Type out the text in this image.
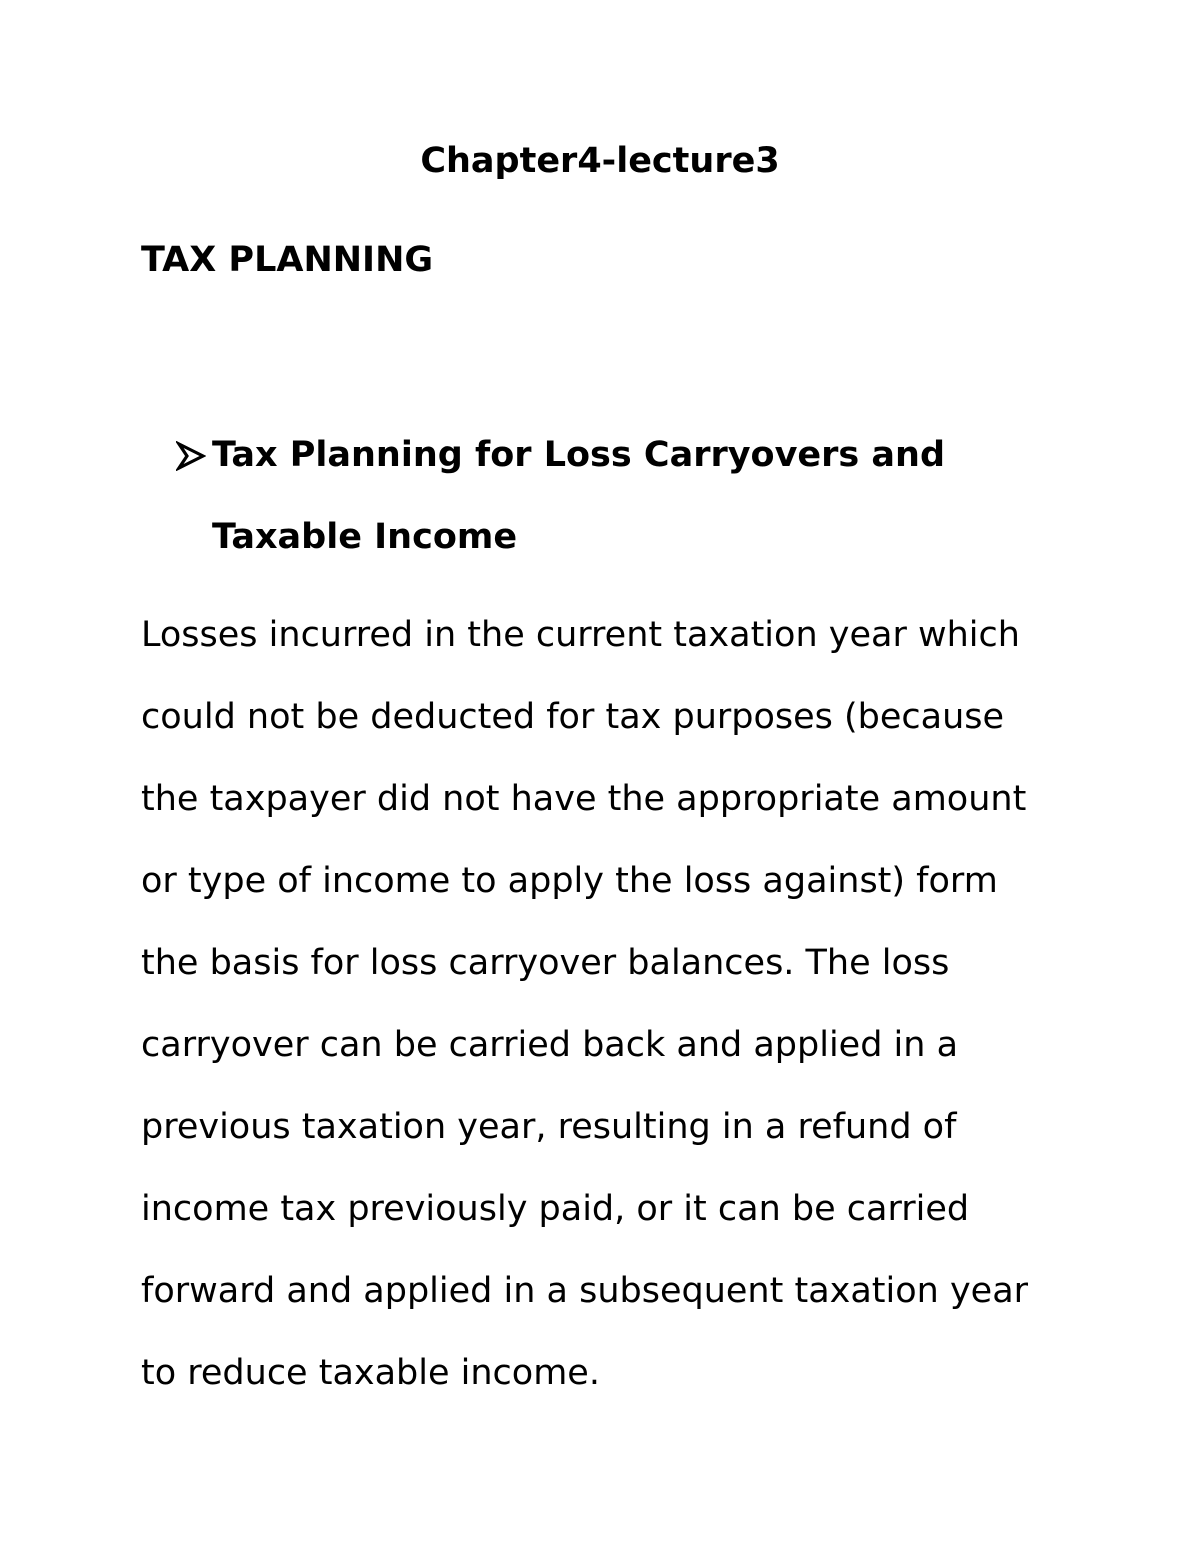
Chapter4-lecture3
TAX PLANNING
Tax Planning for Loss Carryovers and Taxable Income

Losses incurred in the current taxation year which could not be deducted for tax purposes (because the taxpayer did not have the appropriate amount or type of income to apply the loss against) form the basis for loss carryover balances. The loss carryover can be carried back and applied in a previous taxation year, resulting in a refund of income tax previously paid, or it can be carried forward and applied in a subsequent taxation year to reduce taxable income.
